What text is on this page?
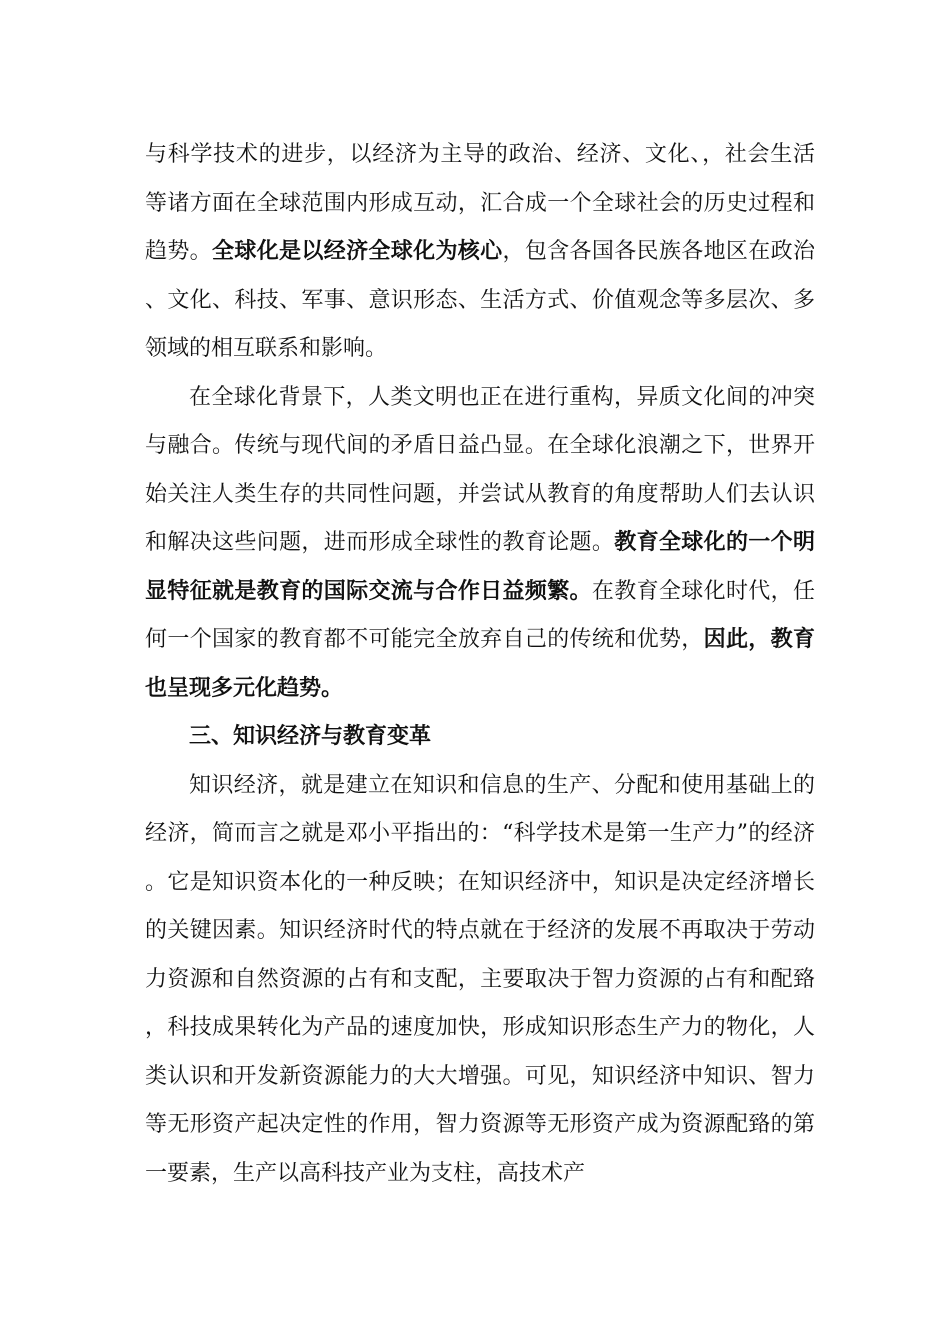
与科学技术的进步，以经济为主导的政治、经济、文化、，社会生活等诸方面在全球范围内形成互动，汇合成一个全球社会的历史过程和趋势。全球化是以经济全球化为核心，包含各国各民族各地区在政治、文化、科技、军事、意识形态、生活方式、价值观念等多层次、多领域的相互联系和影响。

在全球化背景下，人类文明也正在进行重构，异质文化间的冲突与融合。传统与现代间的矛盾日益凸显。在全球化浪潮之下，世界开始关注人类生存的共同性问题，并尝试从教育的角度帮助人们去认识和解决这些问题，进而形成全球性的教育论题。教育全球化的一个明显特征就是教育的国际交流与合作日益频繁。在教育全球化时代，任何一个国家的教育都不可能完全放弃自己的传统和优势，因此，教育也呈现多元化趋势。

三、知识经济与教育变革

知识经济，就是建立在知识和信息的生产、分配和使用基础上的经济，简而言之就是邓小平指出的：“科学技术是第一生产力”的经济。它是知识资本化的一种反映；在知识经济中，知识是决定经济增长的关键因素。知识经济时代的特点就在于经济的发展不再取决于劳动力资源和自然资源的占有和支配，主要取决于智力资源的占有和配臵，科技成果转化为产品的速度加快，形成知识形态生产力的物化，人类认识和开发新资源能力的大大增强。可见，知识经济中知识、智力等无形资产起决定性的作用，智力资源等无形资产成为资源配臵的第一要素，生产以高科技产业为支柱，高技术产
